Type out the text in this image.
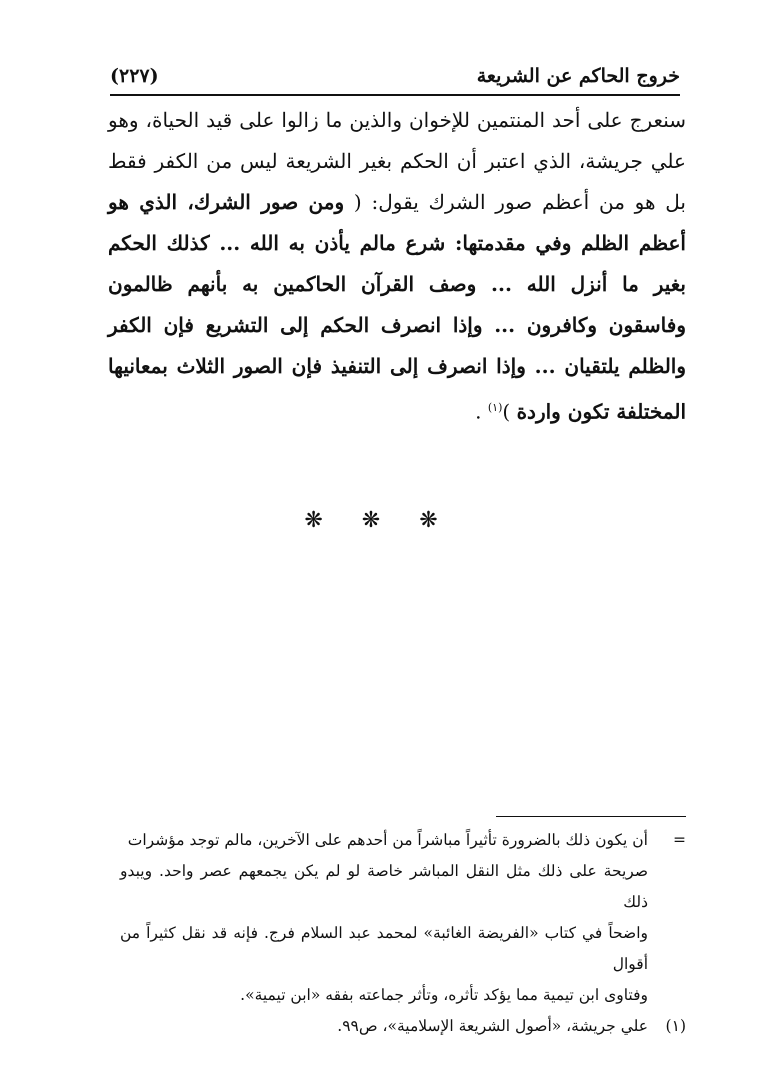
خروج الحاكم عن الشريعة
(٢٢٧)
سنعرج على أحد المنتمين للإخوان والذين ما زالوا على قيد الحياة، وهو علي جريشة، الذي اعتبر أن الحكم بغير الشريعة ليس من الكفر فقط بل هو من أعظم صور الشرك يقول: ( ومن صور الشرك، الذي هو أعظم الظلم وفي مقدمتها: شرع مالم يأذن به الله ... كذلك الحكم بغير ما أنزل الله ... وصف القرآن الحاكمين به بأنهم ظالمون وفاسقون وكافرون ... وإذا انصرف الحكم إلى التشريع فإن الكفر والظلم يلتقيان ... وإذا انصرف إلى التنفيذ فإن الصور الثلاث بمعانيها المختلفة تكون واردة )$^{(١)}$ .
❋ ❋ ❋
=
أن يكون ذلك بالضرورة تأثيراً مباشراً من أحدهم على الآخرين، مالم توجد مؤشرات
صريحة على ذلك مثل النقل المباشر خاصة لو لم يكن يجمعهم عصر واحد. ويبدو ذلك
واضحاً في كتاب «الفريضة الغائبة» لمحمد عبد السلام فرج. فإنه قد نقل كثيراً من أقوال
وفتاوى ابن تيمية مما يؤكد تأثره، وتأثر جماعته بفقه «ابن تيمية».
(١)
علي جريشة، «أصول الشريعة الإسلامية»، ص٩٩.
